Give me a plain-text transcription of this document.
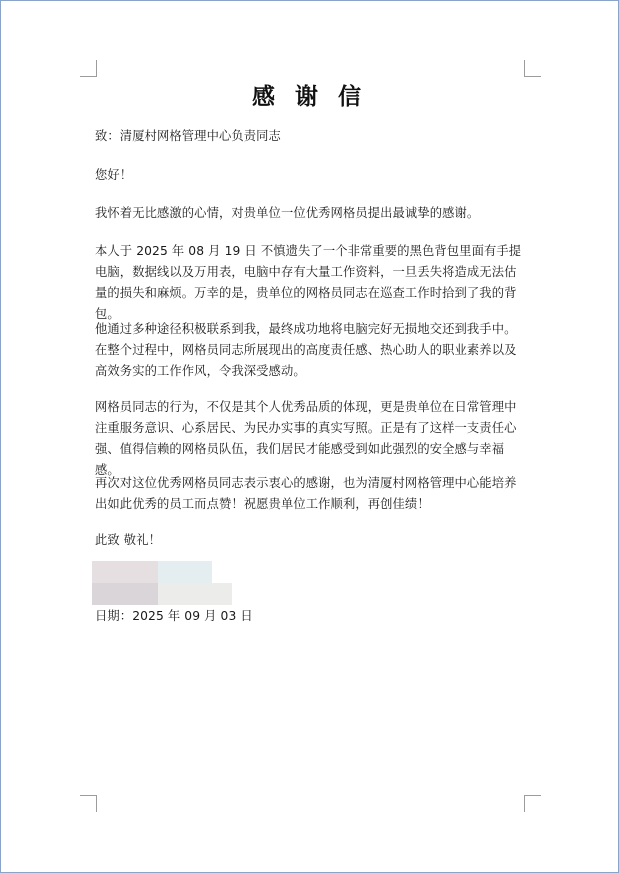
感 谢 信
致：清厦村网格管理中心负责同志
您好！
我怀着无比感激的心情，对贵单位一位优秀网格员提出最诚挚的感谢。
本人于 2025 年 08 月 19 日 不慎遗失了一个非常重要的黑色背包里面有手提电脑，数据线以及万用表，电脑中存有大量工作资料，一旦丢失将造成无法估量的损失和麻烦。万幸的是，贵单位的网格员同志在巡查工作时拾到了我的背包。
他通过多种途径积极联系到我，最终成功地将电脑完好无损地交还到我手中。在整个过程中，网格员同志所展现出的高度责任感、热心助人的职业素养以及高效务实的工作作风，令我深受感动。
网格员同志的行为，不仅是其个人优秀品质的体现，更是贵单位在日常管理中注重服务意识、心系居民、为民办实事的真实写照。正是有了这样一支责任心强、值得信赖的网格员队伍，我们居民才能感受到如此强烈的安全感与幸福感。
再次对这位优秀网格员同志表示衷心的感谢，也为清厦村网格管理中心能培养出如此优秀的员工而点赞！祝愿贵单位工作顺利，再创佳绩！
此致 敬礼！
日期：2025 年 09 月 03 日
